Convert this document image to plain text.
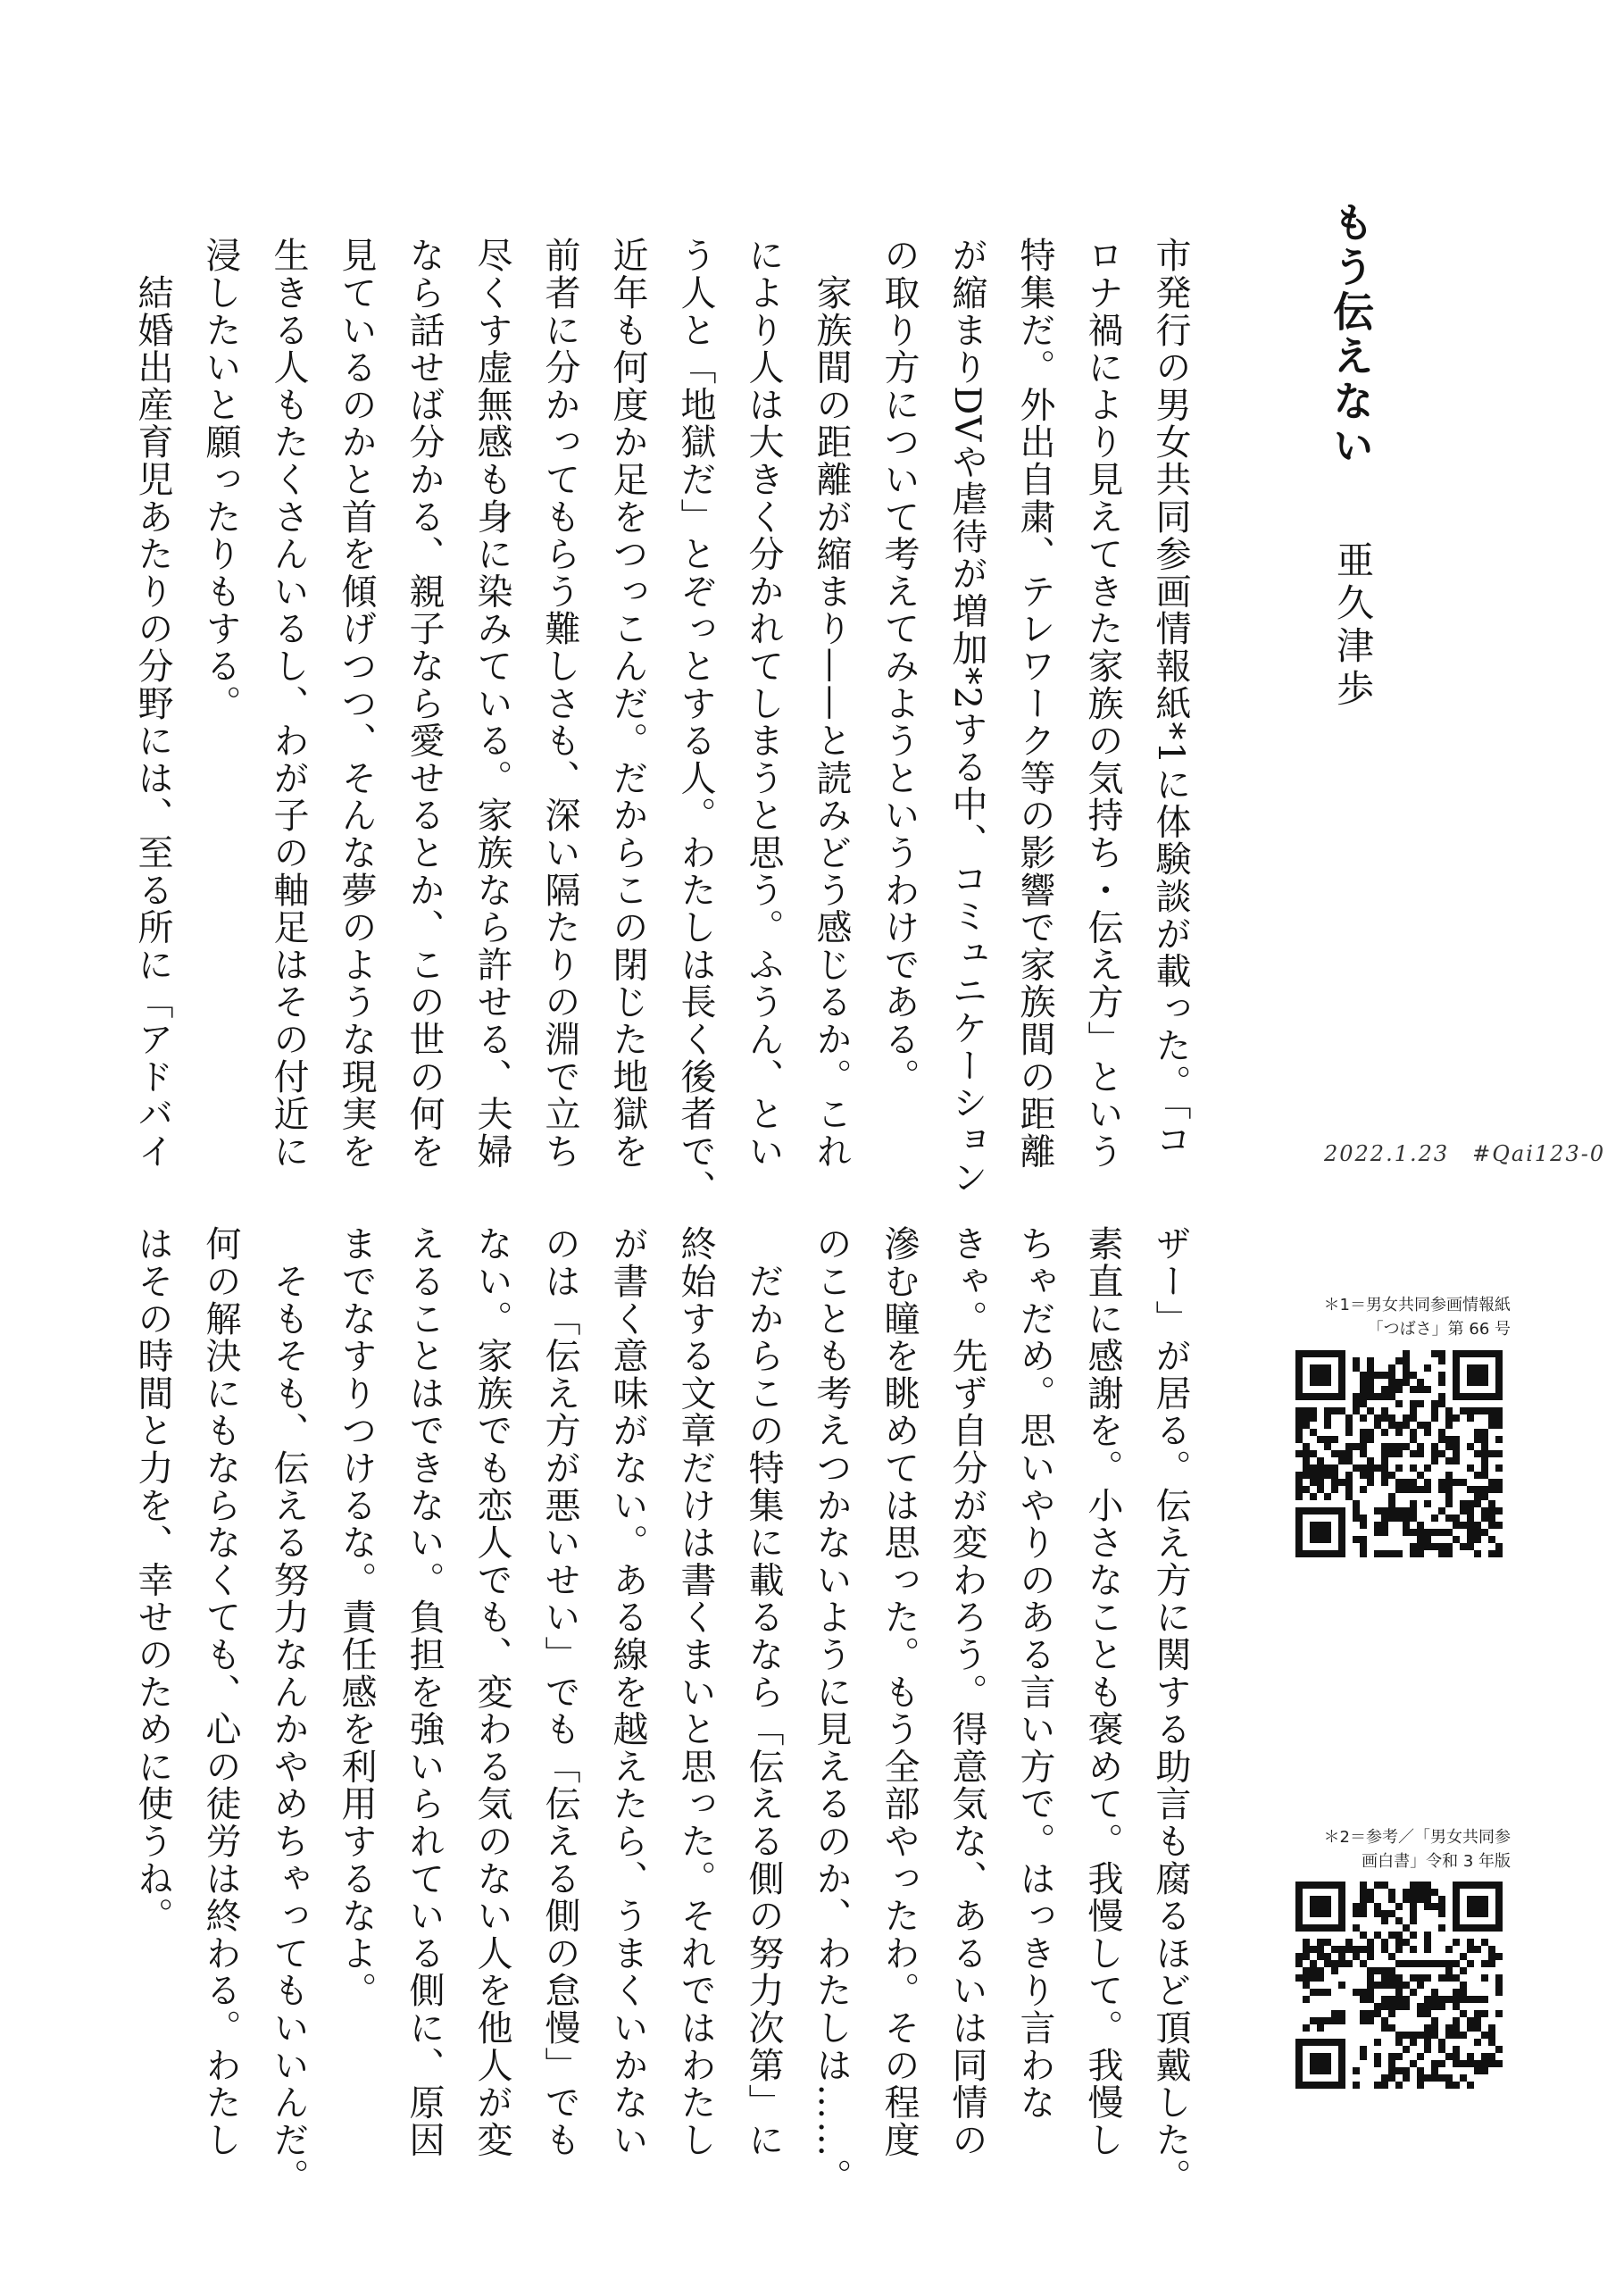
もう伝えない
亜久津歩
市発行の男女共同参画情報紙*1に体験談が載った。「コ
ロナ禍により見えてきた家族の気持ち・伝え方」という
特集だ。外出自粛、テレワーク等の影響で家族間の距離
が縮まりDVや虐待が増加*2する中、コミュニケーション
の取り方について考えてみようというわけである。
　家族間の距離が縮まり——と読みどう感じるか。これ
により人は大きく分かれてしまうと思う。ふうん、とい
う人と「地獄だ」とぞっとする人。わたしは長く後者で、
近年も何度か足をつっこんだ。だからこの閉じた地獄を
前者に分かってもらう難しさも、深い隔たりの淵で立ち
尽くす虚無感も身に染みている。家族なら許せる、夫婦
なら話せば分かる、親子なら愛せるとか、この世の何を
見ているのかと首を傾げつつ、そんな夢のような現実を
生きる人もたくさんいるし、わが子の軸足はその付近に
浸したいと願ったりもする。
　結婚出産育児あたりの分野には、至る所に「アドバイ	2022.1.23　#Qai123-0
ザー」が居る。伝え方に関する助言も腐るほど頂戴した。
素直に感謝を。小さなことも褒めて。我慢して。我慢し
ちゃだめ。思いやりのある言い方で。はっきり言わな
きゃ。先ず自分が変わろう。得意気な、あるいは同情の
滲む瞳を眺めては思った。もう全部やったわ。その程度
のことも考えつかないように見えるのか、わたしは……。
　だからこの特集に載るなら「伝える側の努力次第」に
終始する文章だけは書くまいと思った。それではわたし
が書く意味がない。ある線を越えたら、うまくいかない
のは「伝え方が悪いせい」でも「伝える側の怠慢」でも
ない。家族でも恋人でも、変わる気のない人を他人が変
えることはできない。負担を強いられている側に、原因
までなすりつけるな。責任感を利用するなよ。
　そもそも、伝える努力なんかやめちゃってもいいんだ。
何の解決にもならなくても、心の徒労は終わる。わたし
はその時間と力を、幸せのために使うね。	＊1＝男女共同参画情報紙
「つばさ」第 66 号
＊2＝参考／「男女共同参
画白書」令和 3 年版
